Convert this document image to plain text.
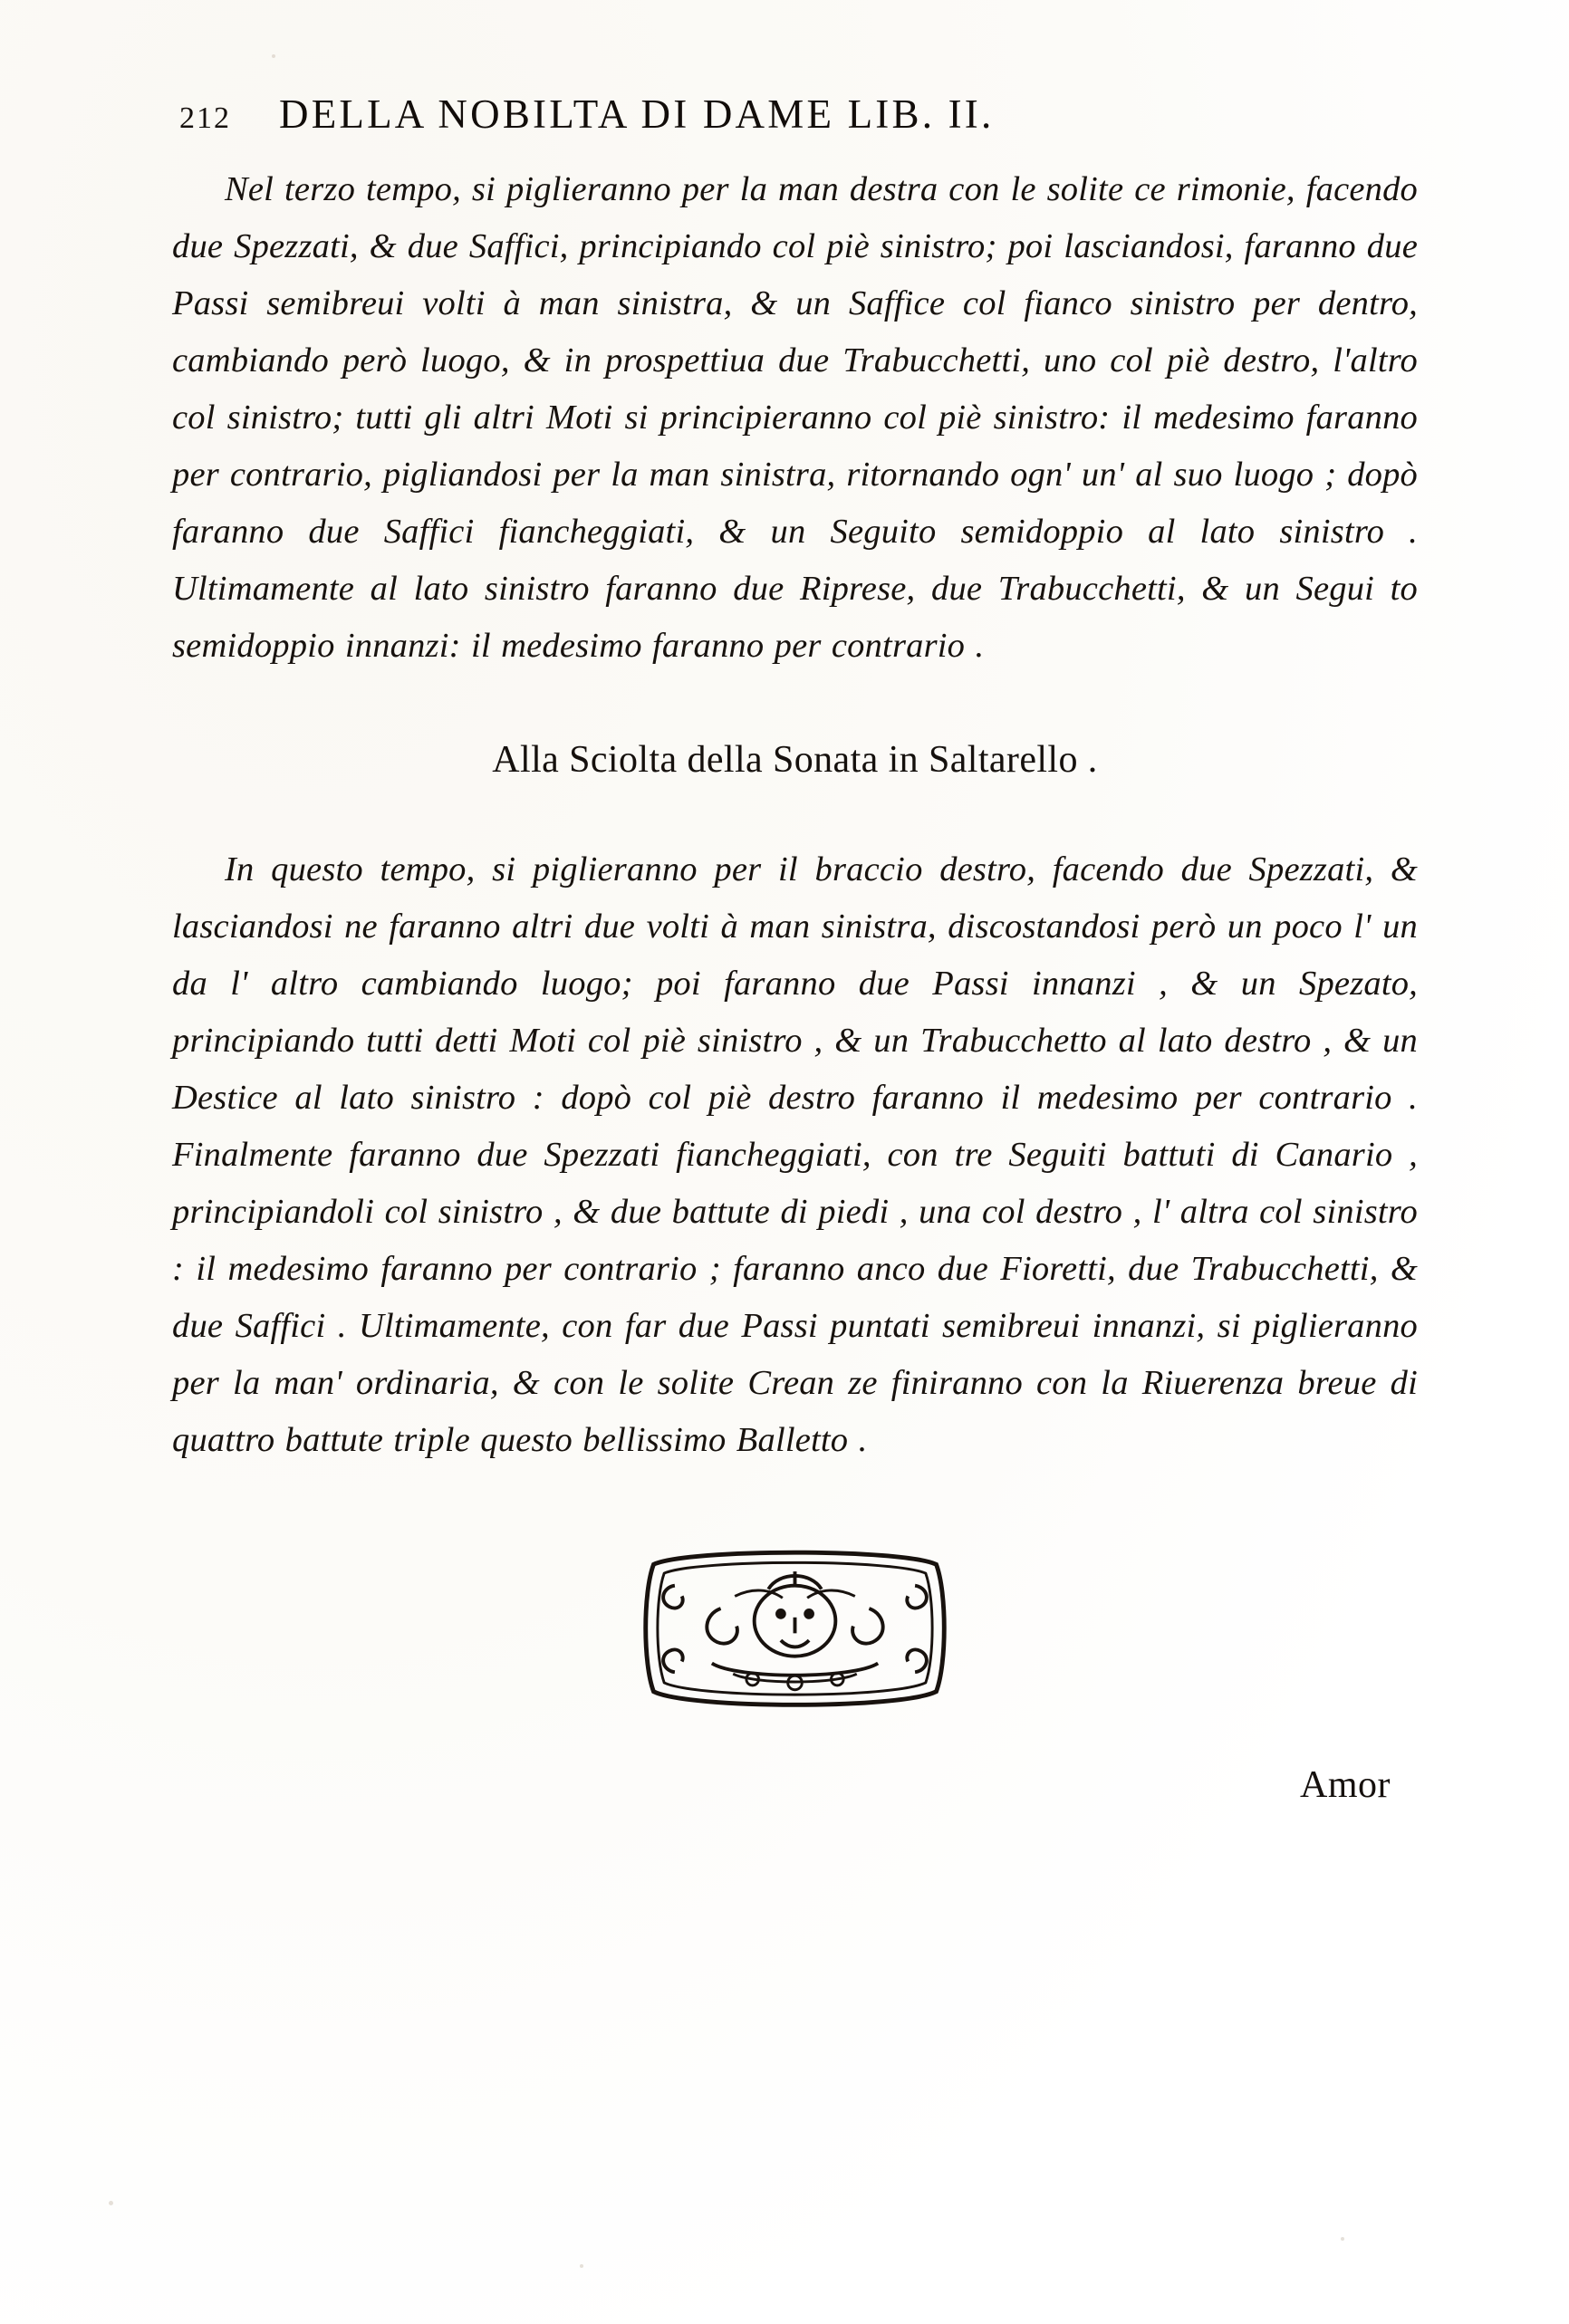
212	DELLA NOBILTA DI DAME LIB. II.

Nel terzo tempo, si piglieranno per la man destra con le solite ce rimonie, facendo due Spezzati, & due Saffici, principiando col piè sinistro; poi lasciandosi, faranno due Passi semibreui volti à man sinistra, & un Saffice col fianco sinistro per dentro, cambiando però luogo, & in prospettiua due Trabucchetti, uno col piè destro, l'altro col sinistro; tutti gli altri Moti si principieranno col piè sinistro: il medesimo faranno per contrario, pigliandosi per la man sinistra, ritornando ogn' un' al suo luogo ; dopò faranno due Saffici fiancheggiati, & un Seguito semidoppio al lato sinistro . Ultimamente al lato sinistro faranno due Riprese, due Trabucchetti, & un Segui to semidoppio innanzi: il medesimo faranno per contrario .

Alla Sciolta della Sonata in Saltarello .

In questo tempo, si piglieranno per il braccio destro, facendo due Spezzati, & lasciandosi ne faranno altri due volti à man sinistra, discostandosi però un poco l' un da l' altro cambiando luogo; poi faranno due Passi innanzi , & un Spezato, principiando tutti detti Moti col piè sinistro , & un Trabucchetto al lato destro , & un Destice al lato sinistro : dopò col piè destro faranno il medesimo per contrario . Finalmente faranno due Spezzati fiancheggiati, con tre Seguiti battuti di Canario , principiandoli col sinistro , & due battute di piedi , una col destro , l' altra col sinistro : il medesimo faranno per contrario ; faranno anco due Fioretti, due Trabucchetti, & due Saffici . Ultimamente, con far due Passi puntati semibreui innanzi, si piglieranno per la man' ordinaria, & con le solite Crean ze finiranno con la Riuerenza breue di quattro battute triple questo bellissimo Balletto .

Amor
